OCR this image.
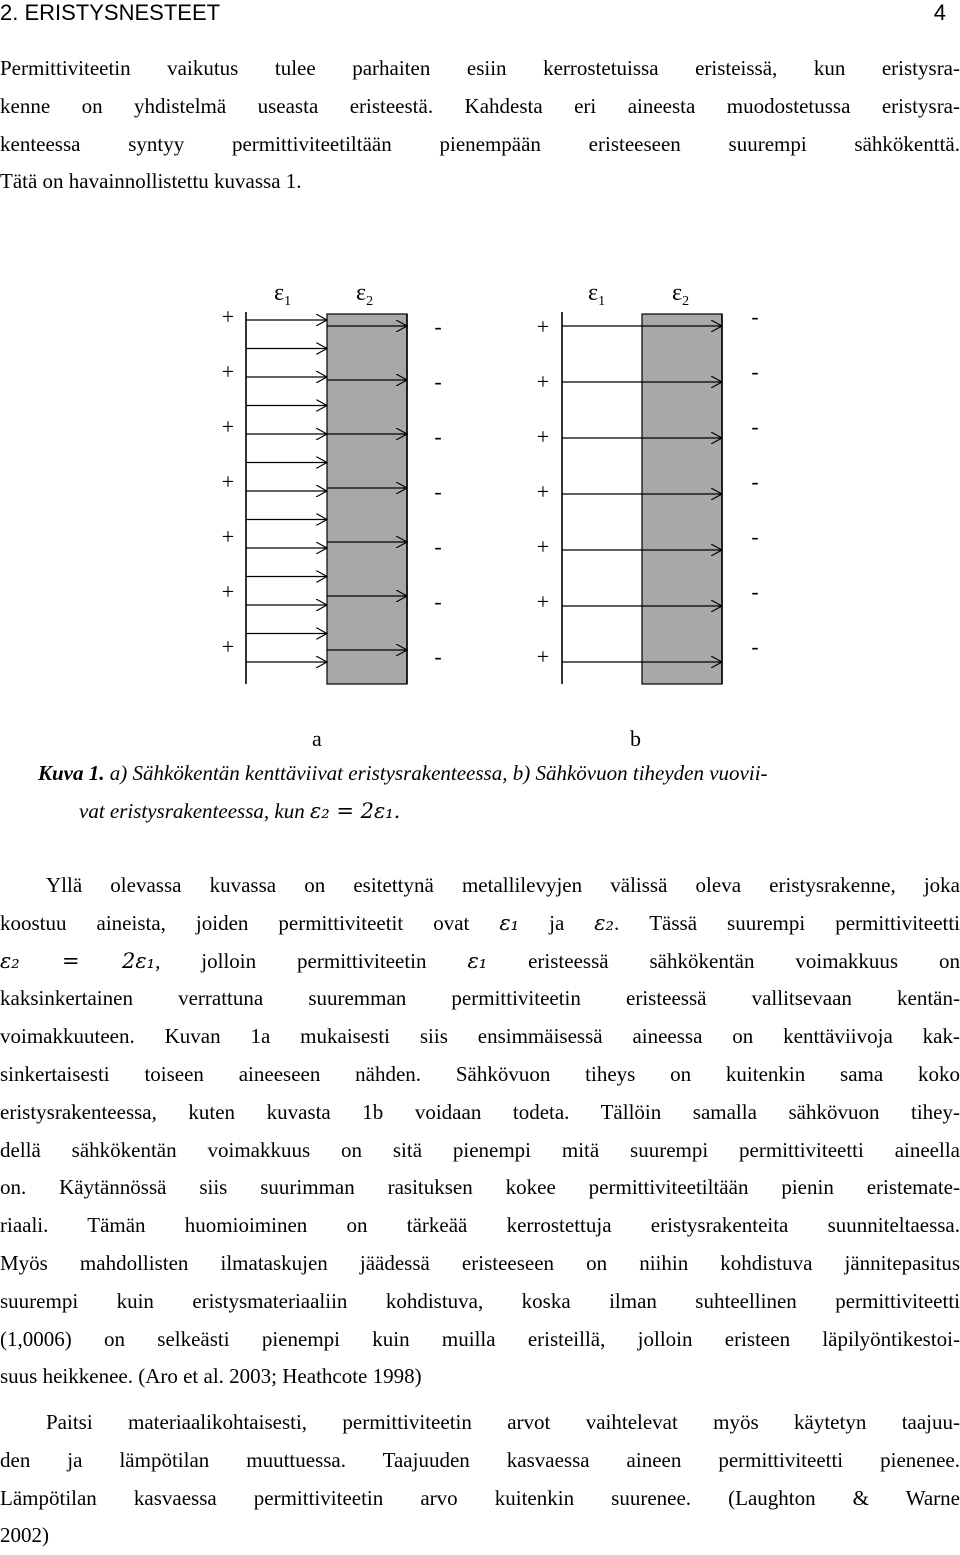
2. ERISTYSNESTEET	4
Permittiviteetin vaikutus tulee parhaiten esiin kerrostetuissa eristeissä, kun eristysra-
kenne on yhdistelmä useasta eristeestä. Kahdesta eri aineesta muodostetussa eristysra-
kenteessa syntyy permittiviteetiltään pienempään eristeeseen suurempi sähkökenttä.
Tätä on havainnollistettu kuvassa 1.
$\varepsilon_1$	$\varepsilon_2$
+
+
+
+
+
+
+
-
-
-
-
-
-
-
a
$\varepsilon_1$	$\varepsilon_2$
+
+
+
+
+
+
+
-
-
-
-
-
-
-
b
Kuva 1. a) Sähkökentän kenttäviivat eristysrakenteessa, b) Sähkövuon tiheyden vuovii-
vat eristysrakenteessa, kun ε₂ = 2ε₁.
Yllä olevassa kuvassa on esitettynä metallilevyjen välissä oleva eristysrakenne, joka
koostuu aineista, joiden permittiviteetit ovat ε₁ ja ε₂. Tässä suurempi permittiviteetti
ε₂ = 2ε₁, jolloin permittiviteetin ε₁ eristeessä sähkökentän voimakkuus on
kaksinkertainen verrattuna suuremman permittiviteetin eristeessä vallitsevaan kentän-
voimakkuuteen. Kuvan 1a mukaisesti siis ensimmäisessä aineessa on kenttäviivoja kak-
sinkertaisesti toiseen aineeseen nähden. Sähkövuon tiheys on kuitenkin sama koko
eristysrakenteessa, kuten kuvasta 1b voidaan todeta. Tällöin samalla sähkövuon tihey-
dellä sähkökentän voimakkuus on sitä pienempi mitä suurempi permittiviteetti aineella
on. Käytännössä siis suurimman rasituksen kokee permittiviteetiltään pienin eristemate-
riaali. Tämän huomioiminen on tärkeää kerrostettuja eristysrakenteita suunniteltaessa.
Myös mahdollisten ilmataskujen jäädessä eristeeseen on niihin kohdistuva jännitерasitus
suurempi kuin eristysmateriaaliin kohdistuva, koska ilman suhteellinen permittiviteetti
(1,0006) on selkeästi pienempi kuin muilla eristeillä, jolloin eristeen läpilyöntikestoi-
suus heikkenee. (Aro et al. 2003; Heathcote 1998)
Paitsi materiaalikohtaisesti, permittiviteetin arvot vaihtelevat myös käytetyn taajuu-
den ja lämpötilan muuttuessa. Taajuuden kasvaessa aineen permittiviteetti pienenee.
Lämpötilan kasvaessa permittiviteetin arvo kuitenkin suurenee. (Laughton & Warne
2002)
